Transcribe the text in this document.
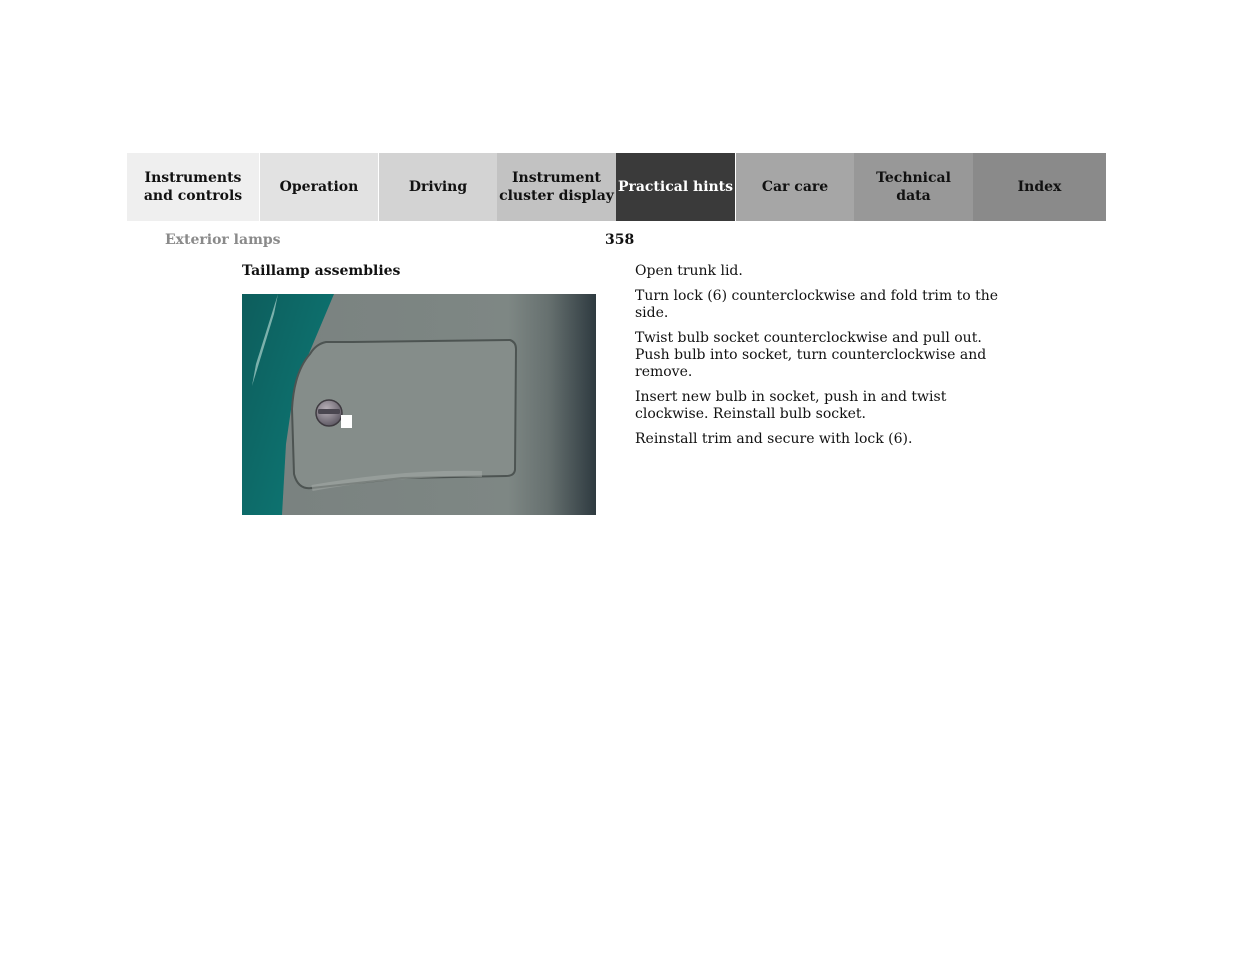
Instruments
and controls
Operation	Driving
Instrument
cluster display
Practical hints Car care
Technical
data
Index
Exterior lamps	358
Taillamp assemblies	Open trunk lid.

Turn lock (6) counterclockwise and fold trim to the side.

Twist bulb socket counterclockwise and pull out. Push bulb into socket, turn counterclockwise and remove.

Insert new bulb in socket, push in and twist clockwise. Reinstall bulb socket.

Reinstall trim and secure with lock (6).
